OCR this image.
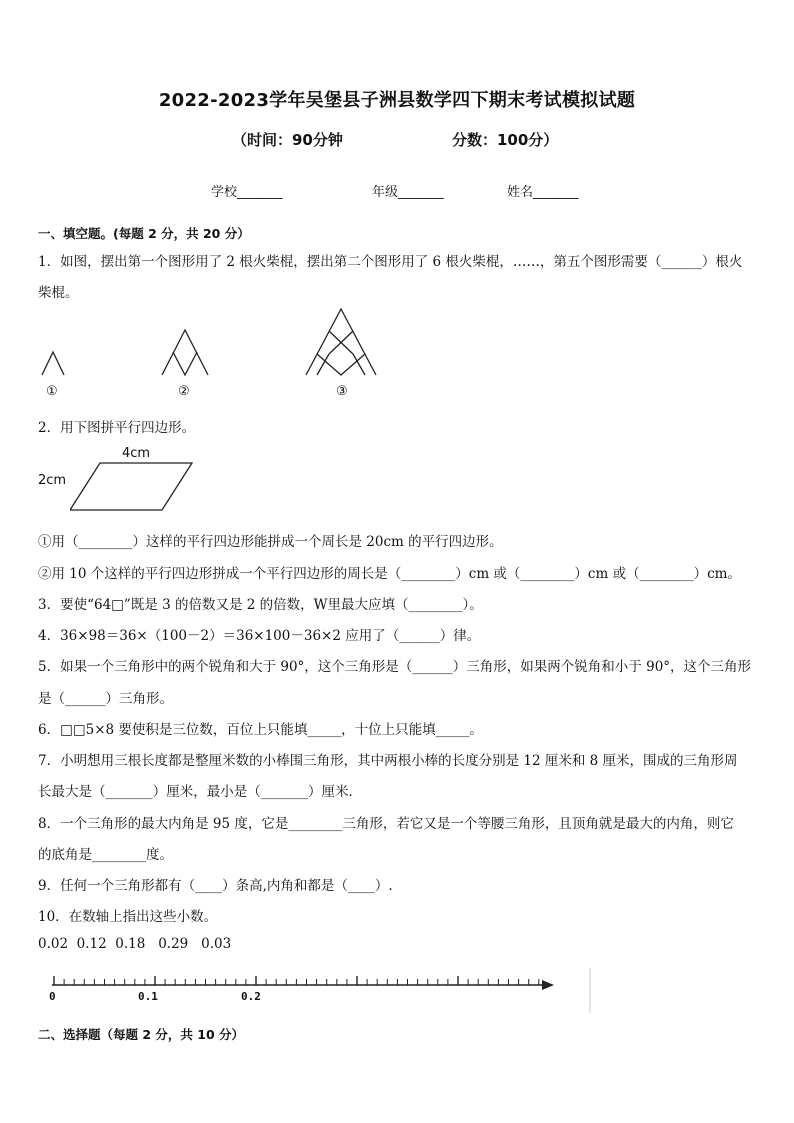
2022-2023学年吴堡县子洲县数学四下期末考试模拟试题
（时间：90分钟	分数：100分）
学校_______	年级_______	姓名_______
一、填空题。(每题 2 分，共 20 分）
1．如图，摆出第一个图形用了 2 根火柴棍，摆出第二个图形用了 6 根火柴棍，……，第五个图形需要（______）根火
柴棍。
①	②	③
2．用下图拼平行四边形。
4cm
2cm
①用（________）这样的平行四边形能拼成一个周长是 20cm 的平行四边形。
②用 10 个这样的平行四边形拼成一个平行四边形的周长是（________）cm 或（________）cm 或（________）cm。
3．要使“64□”既是 3 的倍数又是 2 的倍数，W里最大应填（________）。
4．36×98＝36×（100－2）＝36×100－36×2 应用了（______）律。
5．如果一个三角形中的两个锐角和大于 90°，这个三角形是（______）三角形，如果两个锐角和小于 90°，这个三角形
是（______）三角形。
6．□□5×8 要使积是三位数，百位上只能填_____，十位上只能填_____。
7．小明想用三根长度都是整厘米数的小棒围三角形，其中两根小棒的长度分别是 12 厘米和 8 厘米，围成的三角形周
长最大是（_______）厘米，最小是（_______）厘米．
8．一个三角形的最大内角是 95 度，它是________三角形，若它又是一个等腰三角形，且顶角就是最大的内角，则它
的底角是________度。
9．任何一个三角形都有（____）条高,内角和都是（____）.
10．在数轴上指出这些小数。
0.02  0.12  0.18   0.29   0.03
0	0.1	0.2
二、选择题（每题 2 分，共 10 分）
